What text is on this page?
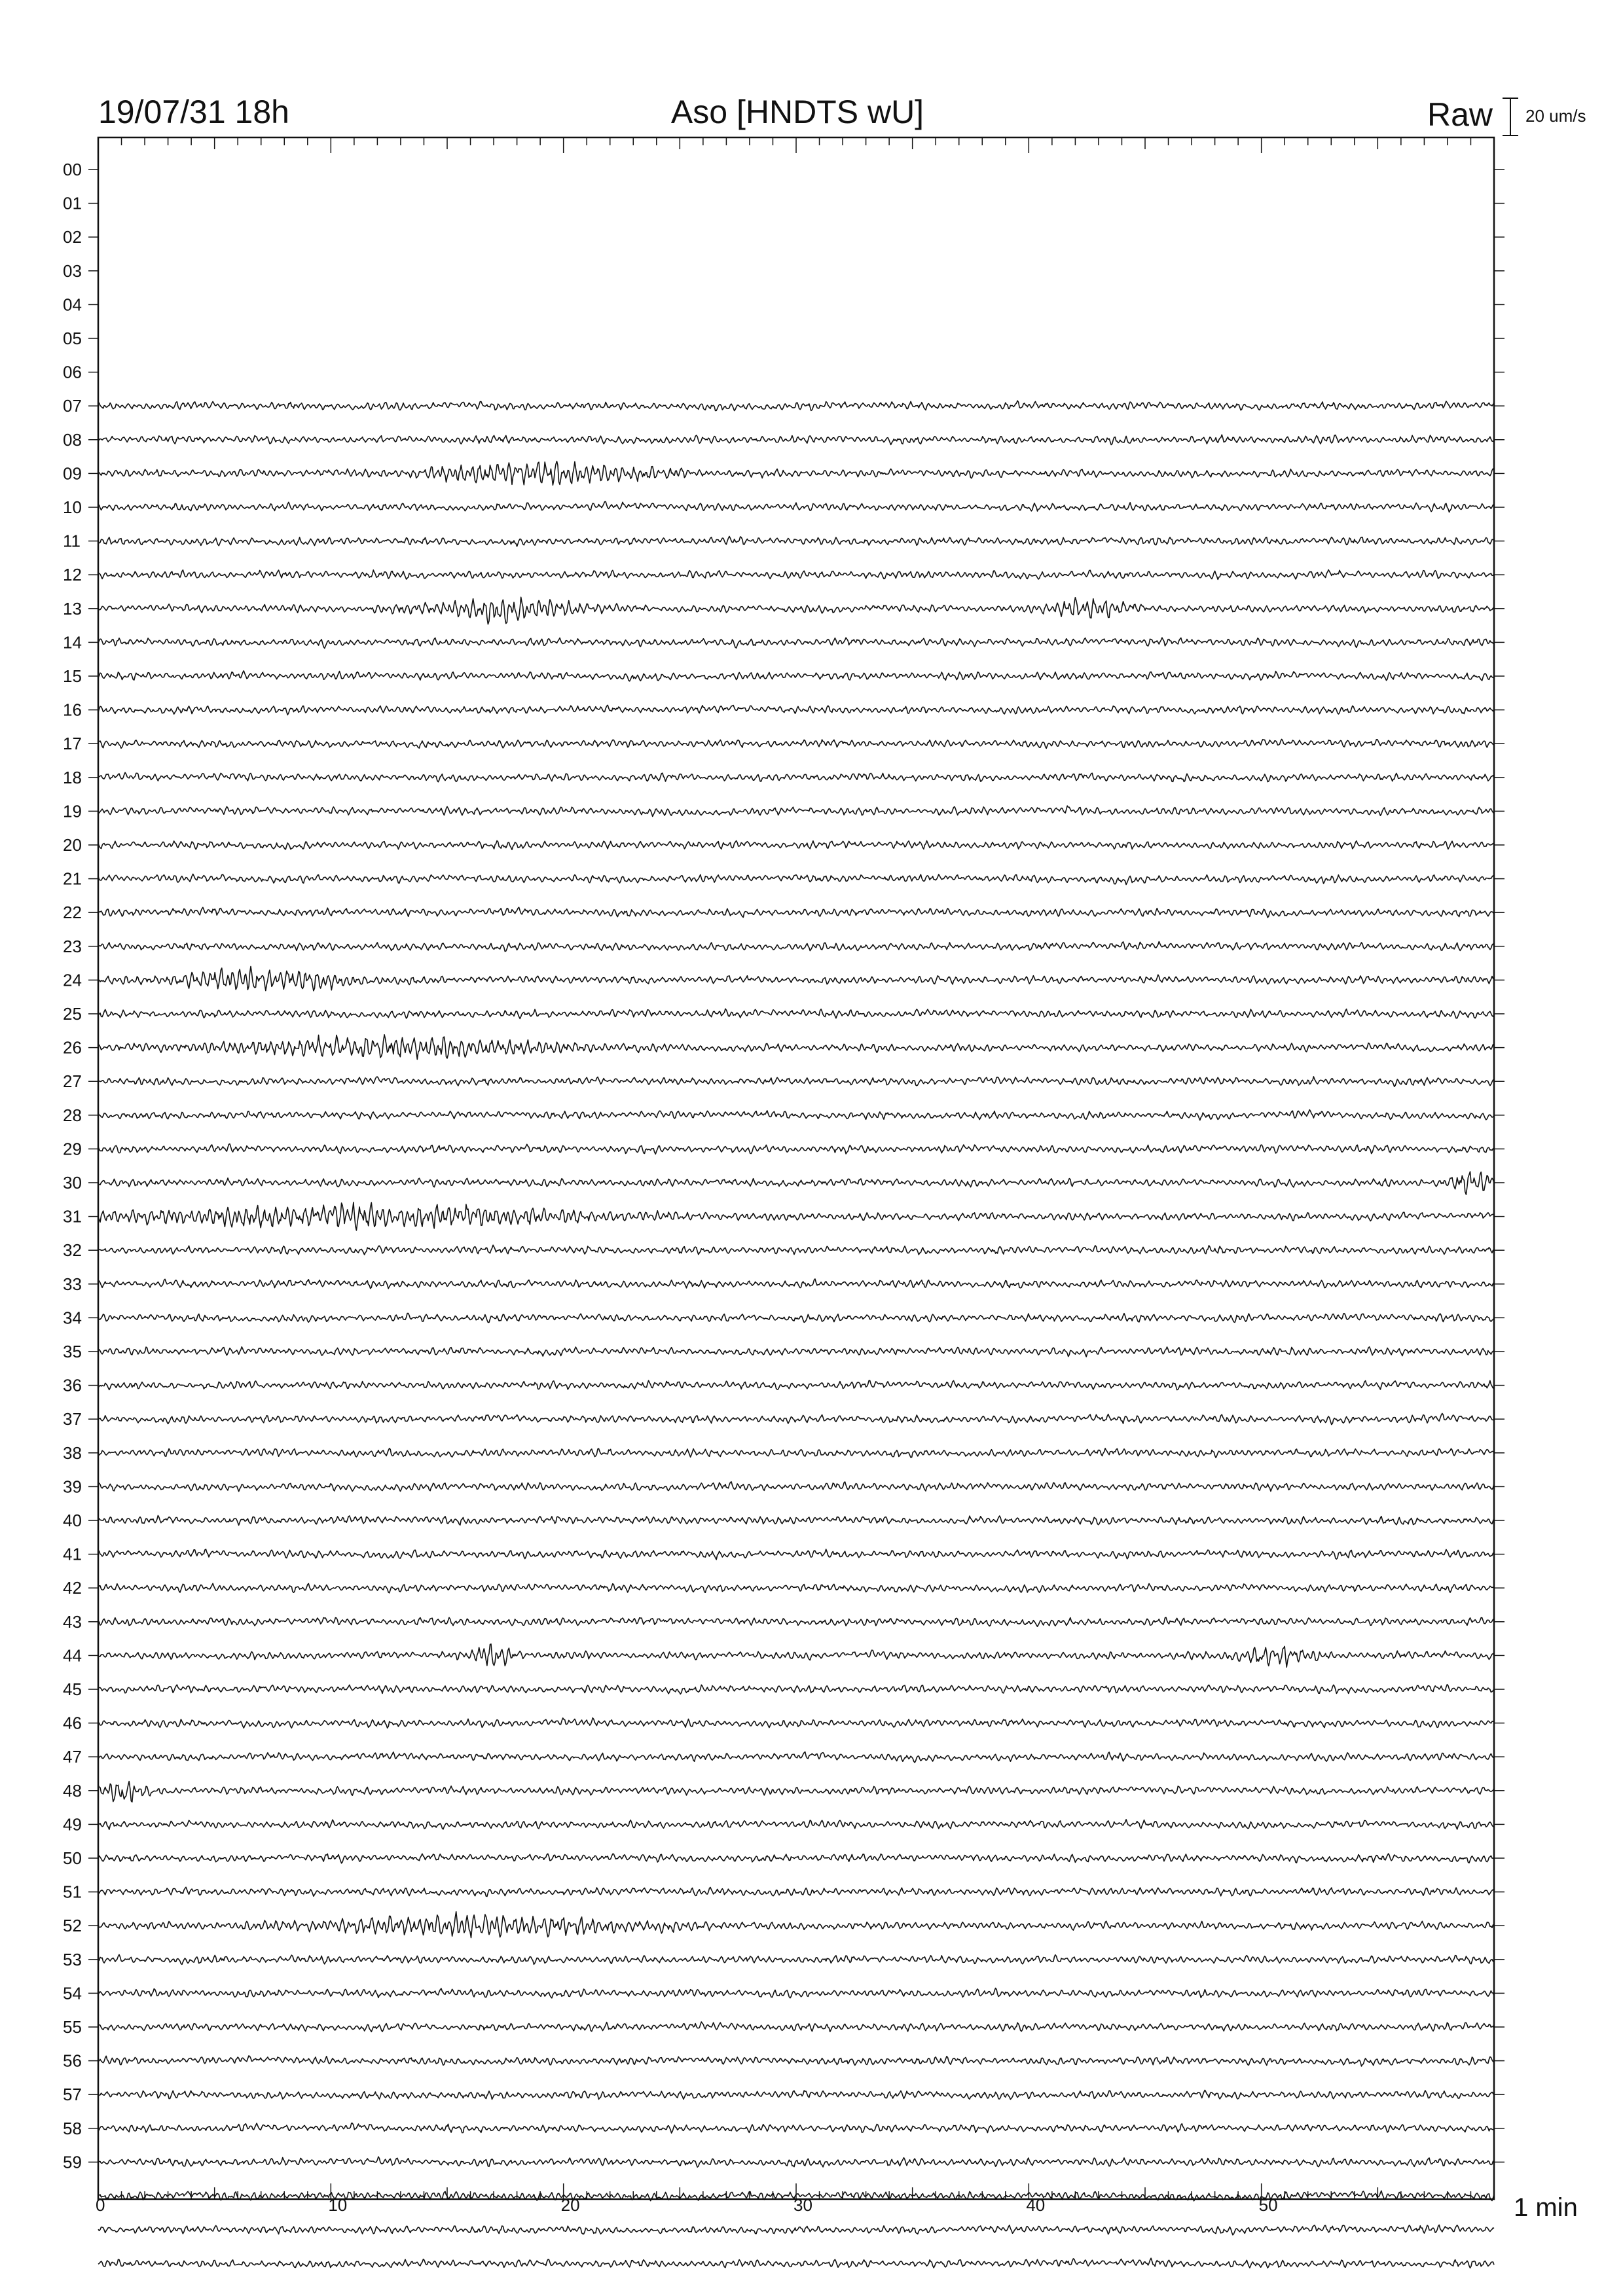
19/07/31 18h	Aso [HNDTS wU]	Raw 20 um/s
00
01
02
03
04
05
06
07
08
09
10
11
12
13
14
15
16
17
18
19
20
21
22
23
24
25
26
27
28
29
30
31
32
33
34
35
36
37
38
39
40
41
42
43
44
45
46
47
48
49
50
51
52
53
54
55
56
57
58
59
0	10	20	30	40	50	1 min
